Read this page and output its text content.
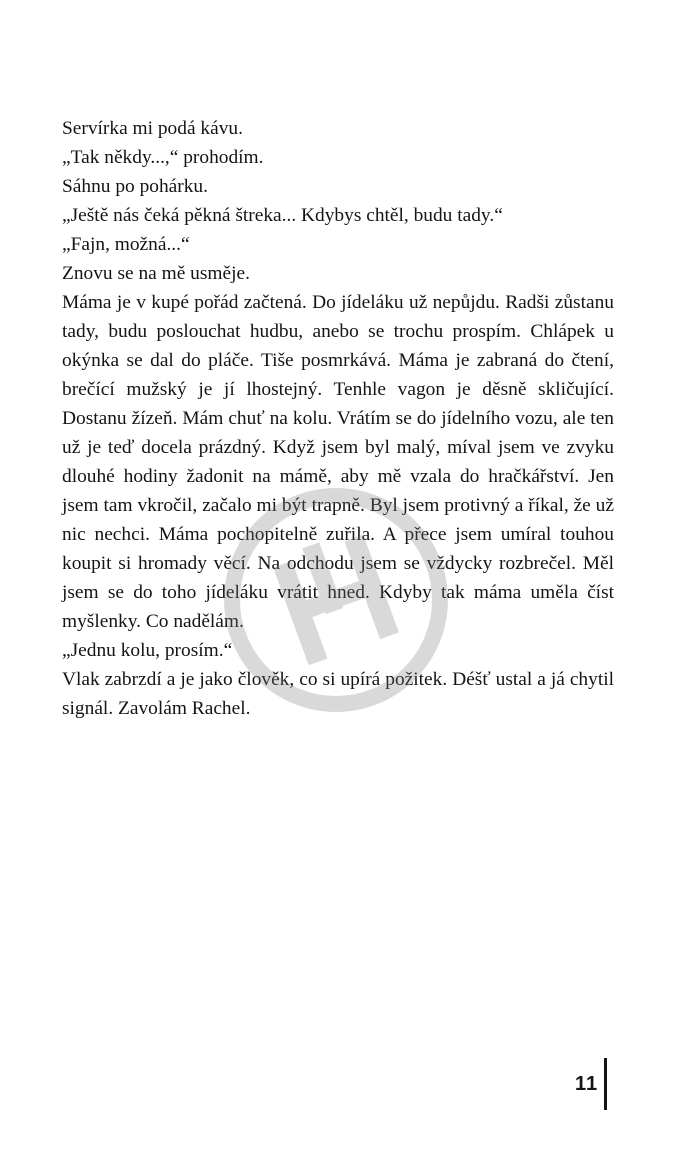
Servírka mi podá kávu.

„Tak někdy...,“ prohodím.

Sáhnu po pohárku.

„Ještě nás čeká pěkná štreka... Kdybys chtěl, budu tady.“

„Fajn, možná...“

Znovu se na mě usměje.

Máma je v kupé pořád začtená. Do jídeláku už nepůjdu. Radši zůstanu tady, budu poslouchat hudbu, anebo se trochu prospím. Chlápek u okýnka se dal do pláče. Tiše posmrkává. Máma je zabraná do čtení, brečící mužský je jí lhostejný. Tenhle vagon je děsně skličující. Dostanu žízeň. Mám chuť na kolu. Vrátím se do jídelního vozu, ale ten už je teď docela prázdný. Když jsem byl malý, míval jsem ve zvyku dlouhé hodiny žadonit na mámě, aby mě vzala do hračkářství. Jen jsem tam vkročil, začalo mi být trapně. Byl jsem protivný a říkal, že už nic nechci. Máma pochopitelně zuřila. A přece jsem umíral touhou koupit si hromady věcí. Na odchodu jsem se vždycky rozbrečel. Měl jsem se do toho jídeláku vrátit hned. Kdyby tak máma uměla číst myšlenky. Co nadělám.

„Jednu kolu, prosím.“

Vlak zabrzdí a je jako člověk, co si upírá požitek. Déšť ustal a já chytil signál. Zavolám Rachel.

11
